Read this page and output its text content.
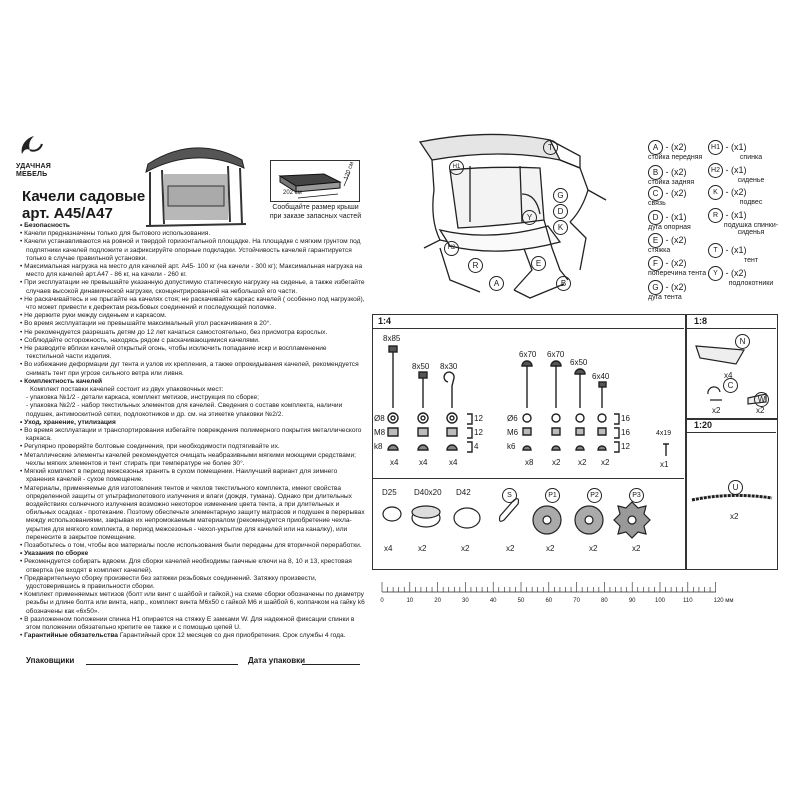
УДАЧНАЯ
МЕБЕЛЬ
Качели садовые
арт. А45/А47
202 см
120 см
Сообщайте размер крыши
при заказе запасных частей

• Безопасность

• Качели предназначены только для бытового использования.

• Качели устанавливаются на ровной и твердой горизонтальной площадке. На площадке с мягким грунтом под подпятники качелей подложите и зафиксируйте опорные подкладки. Устойчивость качелей гарантируется только в случае правильной установки.

• Максимальная нагрузка на место для качелей арт. А45- 100 кг (на качели - 300 кг); Максимальная нагрузка на место для качелей арт.А47 - 86 кг, на качели - 260 кг.

• При эксплуатации не превышайте указанную допустимую статическую нагрузку на сиденье, а также избегайте случаев высокой динамической нагрузки, сконцентрированной на небольшой его части.

• Не раскачивайтесь и не прыгайте на качелях стоя; не раскачивайте каркас качелей ( особенно под нагрузкой), что может привести к дефектам резьбовых соединений и последующей поломке.

• Не держите руки между сиденьем и каркасом.

• Во время эксплуатации не превышайте максимальный угол раскачивания в 20°.

• Не рекомендуется разрешать детям до 12 лет качаться самостоятельно, без присмотра взрослых.

• Соблюдайте осторожность, находясь рядом с раскачивающимися качелями.

• Не разводите вблизи качелей открытый огонь, чтобы исключить попадание искр и воспламенение текстильной части изделия.

• Во избежание деформации дуг тента и узлов их крепления, а также опрокидывания качелей, рекомендуется снимать тент при угрозе сильного ветра или ливня.

• Комплектность качелей

Комплект поставки качелей состоит из двух упаковочных мест:

- упаковка №1/2 - детали каркаса, комплект метизов, инструкция по сборке;

- упаковка №2/2 - набор текстильных элементов для качелей. Сведения о составе комплекта, наличии подушек, антимоскитной сетки, подлокотников и др. см. на этикетке упаковки №2/2.

• Уход, хранение, утилизация

• Во время эксплуатации и транспортирования избегайте повреждения полимерного покрытия металлического каркаса.

• Регулярно проверяйте болтовые соединения, при необходимости подтягивайте их.

• Металлические элементы качелей рекомендуется очищать неабразивными мягкими моющими средствами; чехлы мягких элементов и тент стирать при температуре не более 30°.

• Мягкий комплект в период межсезонья хранить в сухом помещении. Наилучший вариант для зимнего хранения качелей - сухое помещение.

• Материалы, применяемые для изготовления тентов и чехлов текстильного комплекта, имеют свойства определенной защиты от ультрафиолетового излучения и влаги (дождя, тумана). Однако при длительных воздействиях солнечного излучения возможно некоторое изменение цвета тента, а при длительных и обильных осадках - протекание. Поэтому обеспечьте элементарную защиту матрасов и подушек в перерывах между использованиями, закрывая их непромокаемым материалом (рекомендуется приобретение чехла-укрытия для мягкого комплекта, в период межсезонья - чехол-укрытие для качелей или на каналку), или перенесите в закрытое помещение.

• Позаботьтесь о том, чтобы все материалы после использования были переданы для вторичной переработки.

• Указания по сборке

• Рекомендуется собирать вдвоем. Для сборки качелей необходимы гаечные ключи на 8, 10 и 13, крестовая отвертка (не входят в комплект качелей).

• Предварительную сборку произвести без затяжки резьбовых соединений. Затяжку произвести, удостоверившись в правильности сборки.

• Комплект применяемых метизов (болт или винт с шайбой и гайкой,) на схеме сборки обозначены по диаметру резьбы и длине болта или винта, напр., комплект винта М6х50 с гайкой М6 и шайбой 6, колпачком на гайку k6 обозначены как «6х50».

• В разложенном положении спинка H1 опирается на стяжку E замками W. Для надежной фиксации спинки в этом положении обязательно крепите ее также и с помощью цепей U.

• Гарантийные обязательства Гарантийный срок 12 месяцев со дня приобретения. Срок службы 4 года.

Упаковщики	Дата упаковки
T
H1
G
D
K
Y
H2
R	E
B
A
A - (x2)
стойка передняя
B - (x2)
стойка задняя
C - (x2)
связь
D - (x1)
дуга опорная
E - (x2)
стяжка
F - (x2)
поперечина тента
G - (x2)
дуга тента
H1 - (x1)
спинка
H2 - (x1)
сиденье
K - (x2)
подвес
R - (x1)
подушка спинки-сиденья
T - (x1)
тент
Y - (x2)
подлокотники
1:4	1:8
1:20
8x85
x4
8x50
x4
8x30
x4
6x70
x8
6x70
x2
6x50
x2
6x40
x2
Ø8
M8
k8
Ø6
M6
k6
12
12
4
16
16
12
4x19
x1
D25
x4
D40x20
x2
D42
x2
S
x2
P1
x2
P2
x2
P3
x2
N
x4
C
x2
W
x2
U
x2
0	10	20	30	40	50	60	70	80	90	100	110	120 мм
